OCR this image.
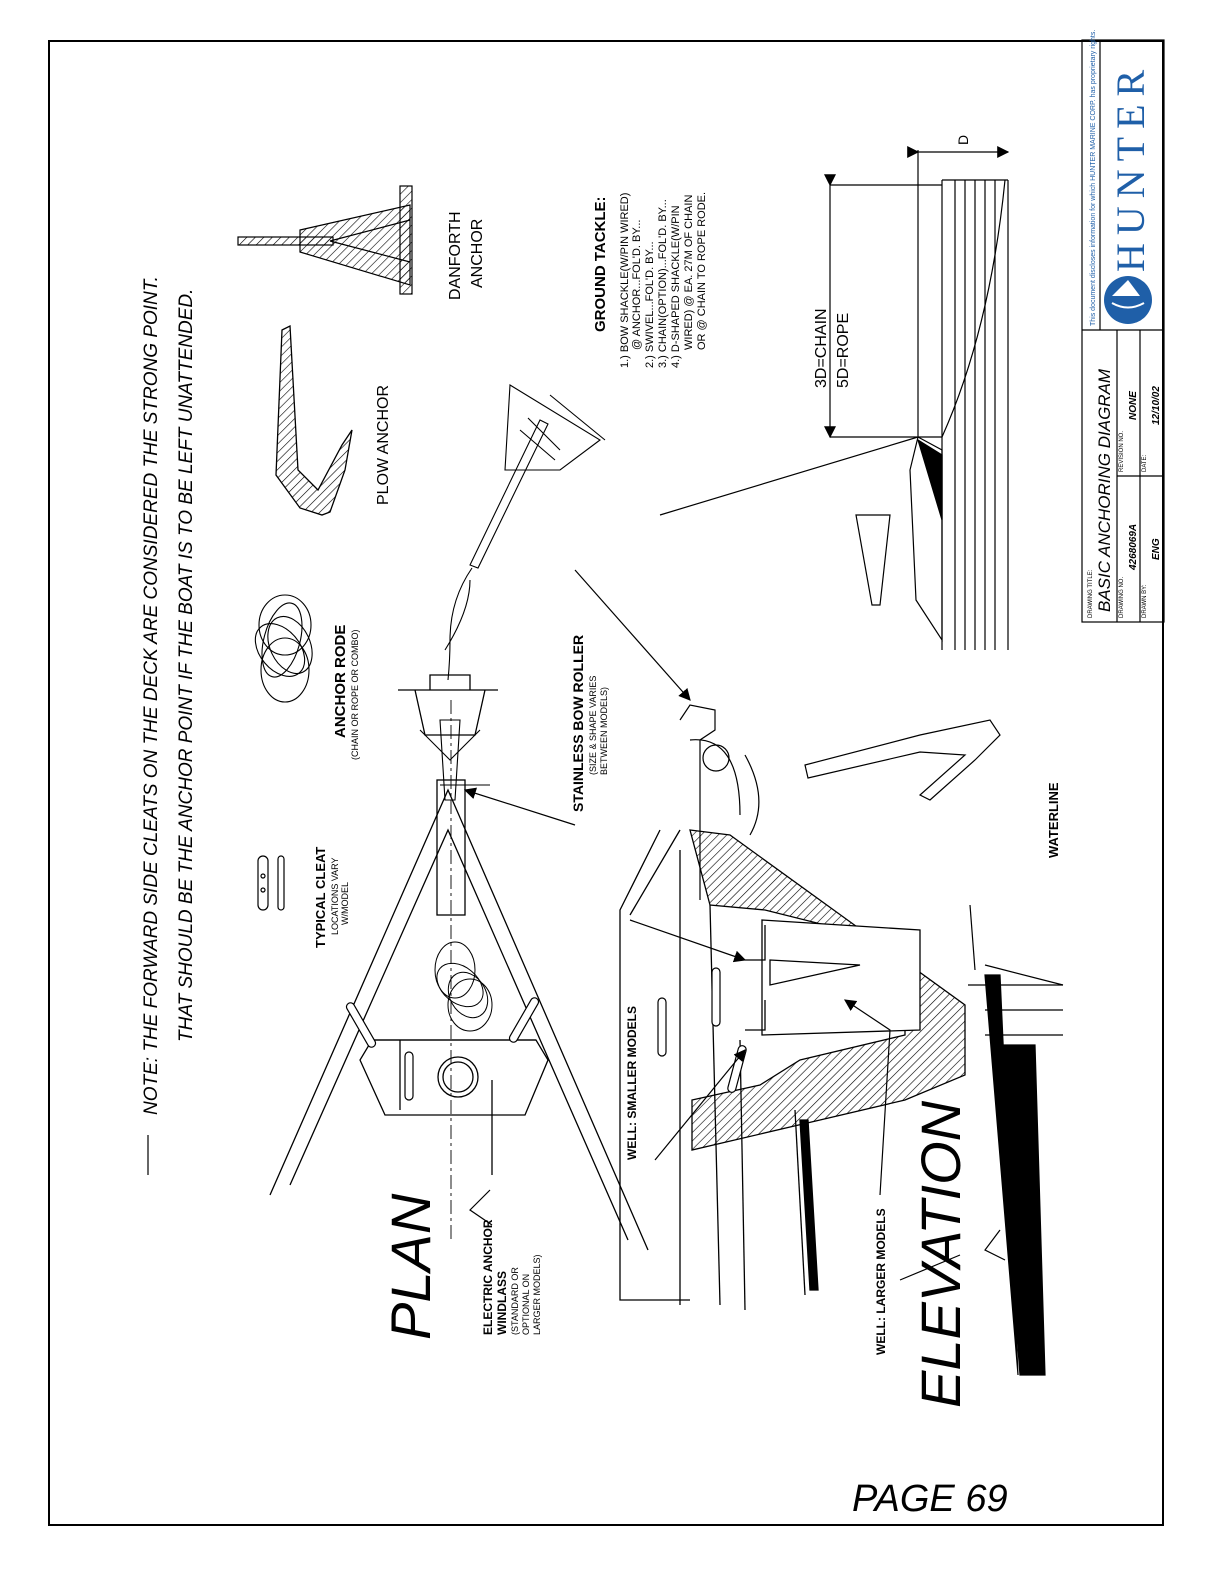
NOTE: THE FORWARD SIDE CLEATS ON THE DECK ARE CONSIDERED THE STRONG POINT. THAT SHOULD BE THE ANCHOR POINT IF THE BOAT IS TO BE LEFT UNATTENDED.
PLAN
TYPICAL CLEAT LOCATIONS VARY W/MODEL
ANCHOR RODE (CHAIN OR ROPE OR COMBO)
PLOW ANCHOR
DANFORTH ANCHOR	GROUND TACKLE: 1.) BOW SHACKLE(W/PIN WIRED) @ ANCHOR...FOL'D. BY... 2.) SWIVEL...FOL'D. BY... 3.) CHAIN(OPTION)...FOL'D. BY... 4.) D-SHAPED SHACKLE(W/PIN WIRED) @ EA. 27M OF CHAIN OR @ CHAIN TO ROPE RODE.	3D=CHAIN 5D=ROPE
D
STAINLESS BOW ROLLER (SIZE & SHAPE VARIES BETWEEN MODELS)
WATERLINE
WELL: SMALLER MODELS
WELL: LARGER MODELS
ELECTRIC ANCHOR WINDLASS (STANDARD OR OPTIONAL ON LARGER MODELS)	ELEVATION
DRAWING TITLE: BASIC ANCHORING DIAGRAM DRAWING NO.
4268069A
REVISION NO.
NONE
DRAWN BY:
ENG
DATE:
12/10/02
This document discloses information for which HUNTER MARINE CORP. has proprietary rights. HUNTER
PAGE 69
